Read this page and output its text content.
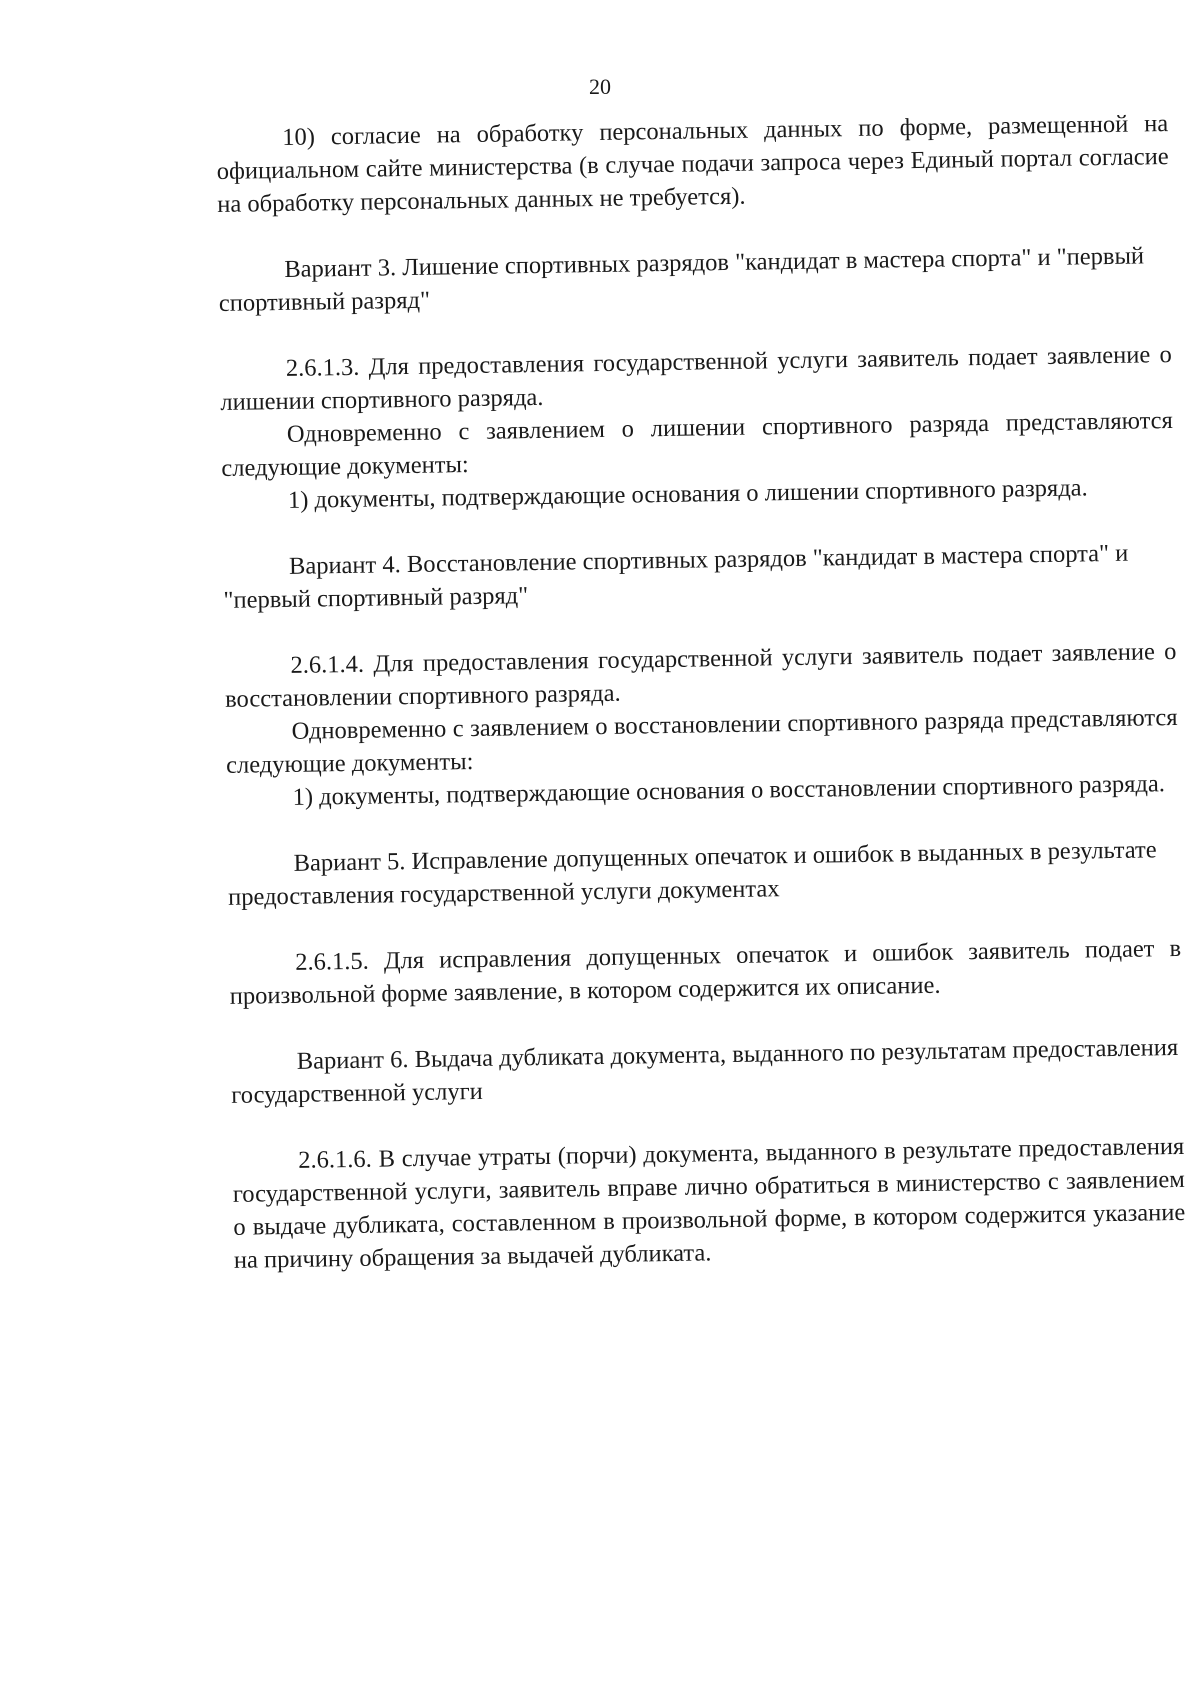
20

10) согласие на обработку персональных данных по форме, размещенной на официальном сайте министерства (в случае подачи запроса через Единый портал согласие на обработку персональных данных не требуется).

Вариант 3. Лишение спортивных разрядов "кандидат в мастера спорта" и "первый спортивный разряд"

2.6.1.3. Для предоставления государственной услуги заявитель подает заявление о лишении спортивного разряда.

Одновременно с заявлением о лишении спортивного разряда представляются следующие документы:

1) документы, подтверждающие основания о лишении спортивного разряда.

Вариант 4. Восстановление спортивных разрядов "кандидат в мастера спорта" и "первый спортивный разряд"

2.6.1.4. Для предоставления государственной услуги заявитель подает заявление о восстановлении спортивного разряда.

Одновременно с заявлением о восстановлении спортивного разряда представляются следующие документы:

1) документы, подтверждающие основания о восстановлении спортивного разряда.

Вариант 5. Исправление допущенных опечаток и ошибок в выданных в результате предоставления государственной услуги документах

2.6.1.5. Для исправления допущенных опечаток и ошибок заявитель подает в произвольной форме заявление, в котором содержится их описание.

Вариант 6. Выдача дубликата документа, выданного по результатам предоставления государственной услуги

2.6.1.6. В случае утраты (порчи) документа, выданного в результате предоставления государственной услуги, заявитель вправе лично обратиться в министерство с заявлением о выдаче дубликата, составленном в произвольной форме, в котором содержится указание на причину обращения за выдачей дубликата.
